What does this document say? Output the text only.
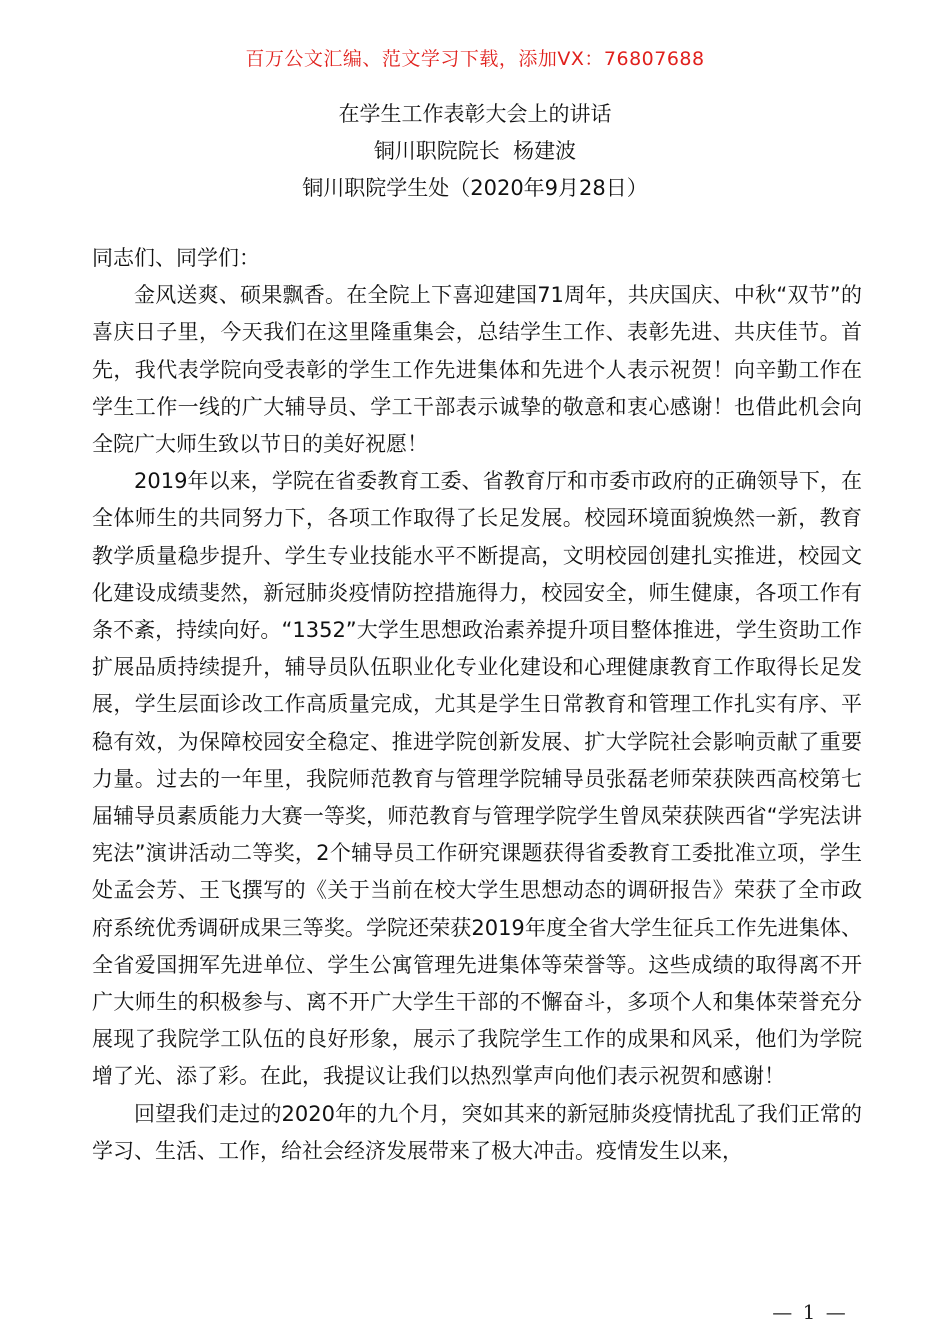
百万公文汇编、范文学习下载，添加VX：76807688
在学生工作表彰大会上的讲话
铜川职院院长  杨建波
铜川职院学生处（2020年9月28日）

同志们、同学们：

金风送爽、硕果飘香。在全院上下喜迎建国71周年，共庆国庆、中秋“双节”的喜庆日子里，今天我们在这里隆重集会，总结学生工作、表彰先进、共庆佳节。首先，我代表学院向受表彰的学生工作先进集体和先进个人表示祝贺！向辛勤工作在学生工作一线的广大辅导员、学工干部表示诚挚的敬意和衷心感谢！也借此机会向全院广大师生致以节日的美好祝愿！

2019年以来，学院在省委教育工委、省教育厅和市委市政府的正确领导下，在全体师生的共同努力下，各项工作取得了长足发展。校园环境面貌焕然一新，教育教学质量稳步提升、学生专业技能水平不断提高，文明校园创建扎实推进，校园文化建设成绩斐然，新冠肺炎疫情防控措施得力，校园安全，师生健康，各项工作有条不紊，持续向好。“1352”大学生思想政治素养提升项目整体推进，学生资助工作扩展品质持续提升，辅导员队伍职业化专业化建设和心理健康教育工作取得长足发展，学生层面诊改工作高质量完成，尤其是学生日常教育和管理工作扎实有序、平稳有效，为保障校园安全稳定、推进学院创新发展、扩大学院社会影响贡献了重要力量。过去的一年里，我院师范教育与管理学院辅导员张磊老师荣获陕西高校第七届辅导员素质能力大赛一等奖，师范教育与管理学院学生曾凤荣获陕西省“学宪法讲宪法”演讲活动二等奖，2个辅导员工作研究课题获得省委教育工委批准立项，学生处孟会芳、王飞撰写的《关于当前在校大学生思想动态的调研报告》荣获了全市政府系统优秀调研成果三等奖。学院还荣获2019年度全省大学生征兵工作先进集体、全省爱国拥军先进单位、学生公寓管理先进集体等荣誉等。这些成绩的取得离不开广大师生的积极参与、离不开广大学生干部的不懈奋斗，多项个人和集体荣誉充分展现了我院学工队伍的良好形象，展示了我院学生工作的成果和风采，他们为学院增了光、添了彩。在此，我提议让我们以热烈掌声向他们表示祝贺和感谢！

回望我们走过的2020年的九个月，突如其来的新冠肺炎疫情扰乱了我们正常的学习、生活、工作，给社会经济发展带来了极大冲击。疫情发生以来，

— 1 —
